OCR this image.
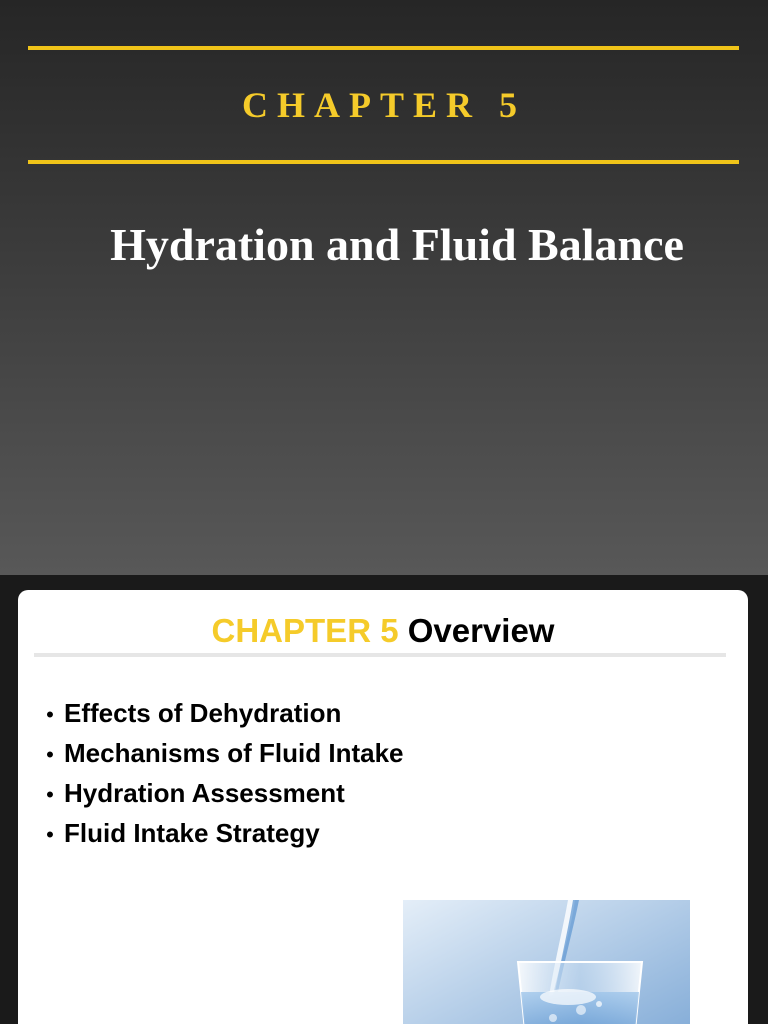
CHAPTER 5
Hydration and Fluid Balance
CHAPTER 5 Overview
• Effects of Dehydration
• Mechanisms of Fluid Intake
• Hydration Assessment
• Fluid Intake Strategy
